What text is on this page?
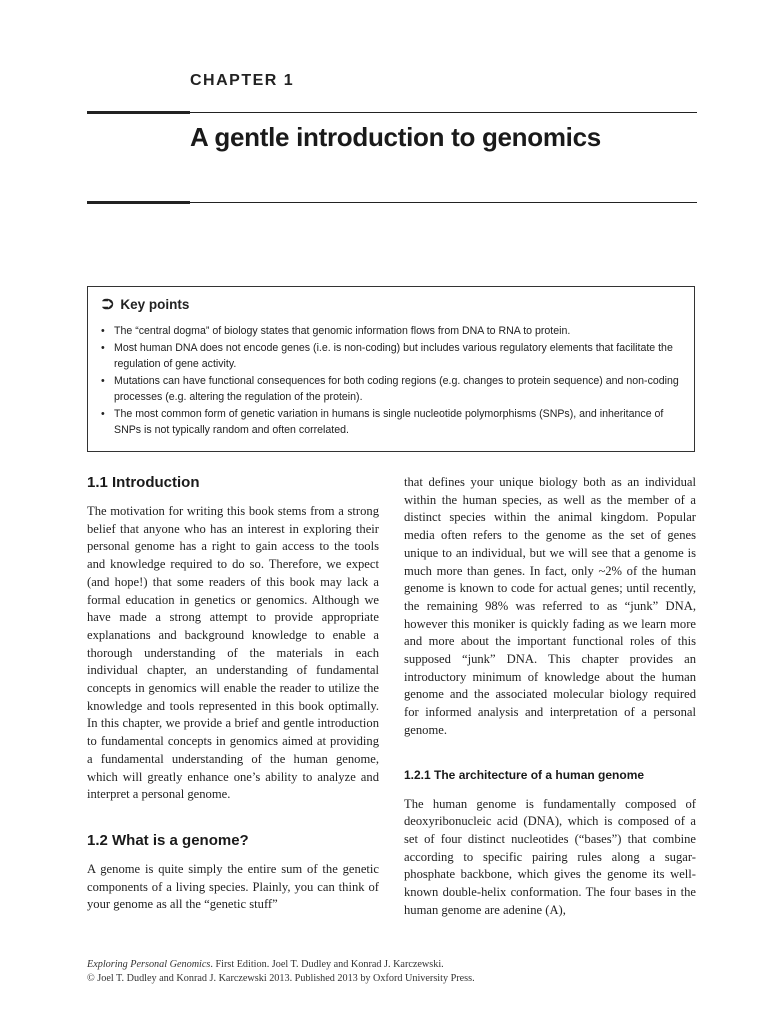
CHAPTER 1
A gentle introduction to genomics
⮊ Key points
• The “central dogma” of biology states that genomic information flows from DNA to RNA to protein.
• Most human DNA does not encode genes (i.e. is non-coding) but includes various regulatory elements that facilitate the regulation of gene activity.
• Mutations can have functional consequences for both coding regions (e.g. changes to protein sequence) and non-coding processes (e.g. altering the regulation of the protein).
• The most common form of genetic variation in humans is single nucleotide polymorphisms (SNPs), and inheritance of SNPs is not typically random and often correlated.
1.1 Introduction

The motivation for writing this book stems from a strong belief that anyone who has an interest in exploring their personal genome has a right to gain access to the tools and knowledge required to do so. Therefore, we expect (and hope!) that some readers of this book may lack a formal education in genetics or genomics. Although we have made a strong attempt to provide appropriate explanations and background knowledge to enable a thorough understanding of the materials in each individual chapter, an understanding of fundamental concepts in genomics will enable the reader to utilize the knowledge and tools represented in this book optimally. In this chapter, we provide a brief and gentle introduction to fundamental concepts in genomics aimed at providing a fundamental understanding of the human genome, which will greatly enhance one’s ability to analyze and interpret a personal genome.

1.2 What is a genome?

A genome is quite simply the entire sum of the genetic components of a living species. Plainly, you can think of your genome as all the “genetic stuff”

that defines your unique biology both as an individual within the human species, as well as the member of a distinct species within the animal kingdom. Popular media often refers to the genome as the set of genes unique to an individual, but we will see that a genome is much more than genes. In fact, only ~2% of the human genome is known to code for actual genes; until recently, the remaining 98% was referred to as “junk” DNA, however this moniker is quickly fading as we learn more and more about the important functional roles of this supposed “junk” DNA. This chapter provides an introductory minimum of knowledge about the human genome and the associated molecular biology required for informed analysis and interpretation of a personal genome.

1.2.1 The architecture of a human genome

The human genome is fundamentally composed of deoxyribonucleic acid (DNA), which is composed of a set of four distinct nucleotides (“bases”) that combine according to specific pairing rules along a sugar-phosphate backbone, which gives the genome its well-known double-helix conformation. The four bases in the human genome are adenine (A),

Exploring Personal Genomics. First Edition. Joel T. Dudley and Konrad J. Karczewski.
© Joel T. Dudley and Konrad J. Karczewski 2013. Published 2013 by Oxford University Press.
